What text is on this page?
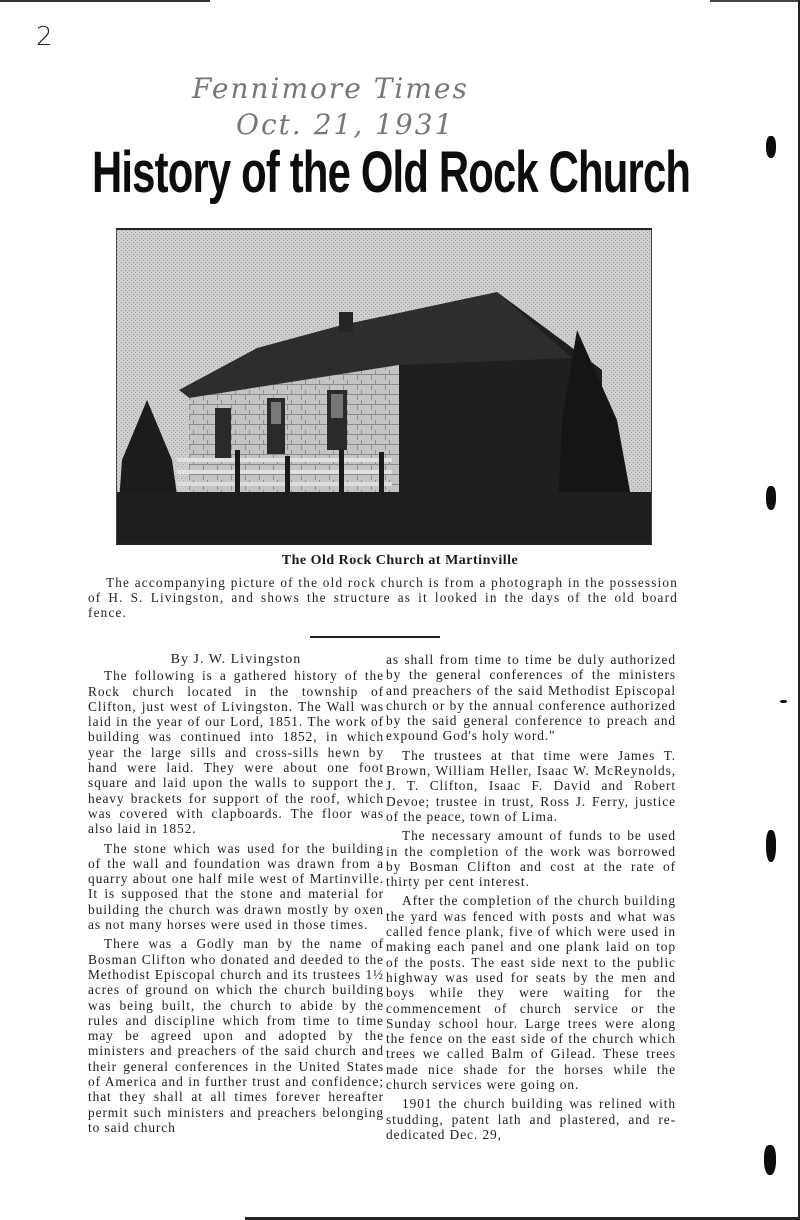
2
Fennimore Times
Oct. 21, 1931
History of the Old Rock Church
The Old Rock Church at Martinville
The accompanying picture of the old rock church is from a photograph in the possession of H. S. Livingston, and shows the structure as it looked in the days of the old board fence.
By J. W. Livingston

The following is a gathered history of the Rock church located in the township of Clifton, just west of Livingston. The Wall was laid in the year of our Lord, 1851. The work of building was continued into 1852, in which year the large sills and cross-sills hewn by hand were laid. They were about one foot square and laid upon the walls to support the heavy brackets for support of the roof, which was covered with clapboards. The floor was also laid in 1852.

The stone which was used for the building of the wall and foundation was drawn from a quarry about one half mile west of Martinville. It is supposed that the stone and material for building the church was drawn mostly by oxen as not many horses were used in those times.

There was a Godly man by the name of Bosman Clifton who donated and deeded to the Methodist Episcopal church and its trustees 1½ acres of ground on which the church building was being built, the church to abide by the rules and discipline which from time to time may be agreed upon and adopted by the ministers and preachers of the said church and their general conferences in the United States of America and in further trust and confidence; that they shall at all times forever hereafter permit such ministers and preachers belonging to said church

as shall from time to time be duly authorized by the general conferences of the ministers and preachers of the said Methodist Episcopal church or by the annual conference authorized by the said general conference to preach and expound God's holy word."

The trustees at that time were James T. Brown, William Heller, Isaac W. McReynolds, J. T. Clifton, Isaac F. David and Robert Devoe; trustee in trust, Ross J. Ferry, justice of the peace, town of Lima.

The necessary amount of funds to be used in the completion of the work was borrowed by Bosman Clifton and cost at the rate of thirty per cent interest.

After the completion of the church building the yard was fenced with posts and what was called fence plank, five of which were used in making each panel and one plank laid on top of the posts. The east side next to the public highway was used for seats by the men and boys while they were waiting for the commencement of church service or the Sunday school hour. Large trees were along the fence on the east side of the church which trees we called Balm of Gilead. These trees made nice shade for the horses while the church services were going on.

1901 the church building was relined with studding, patent lath and plastered, and re-dedicated Dec. 29,
